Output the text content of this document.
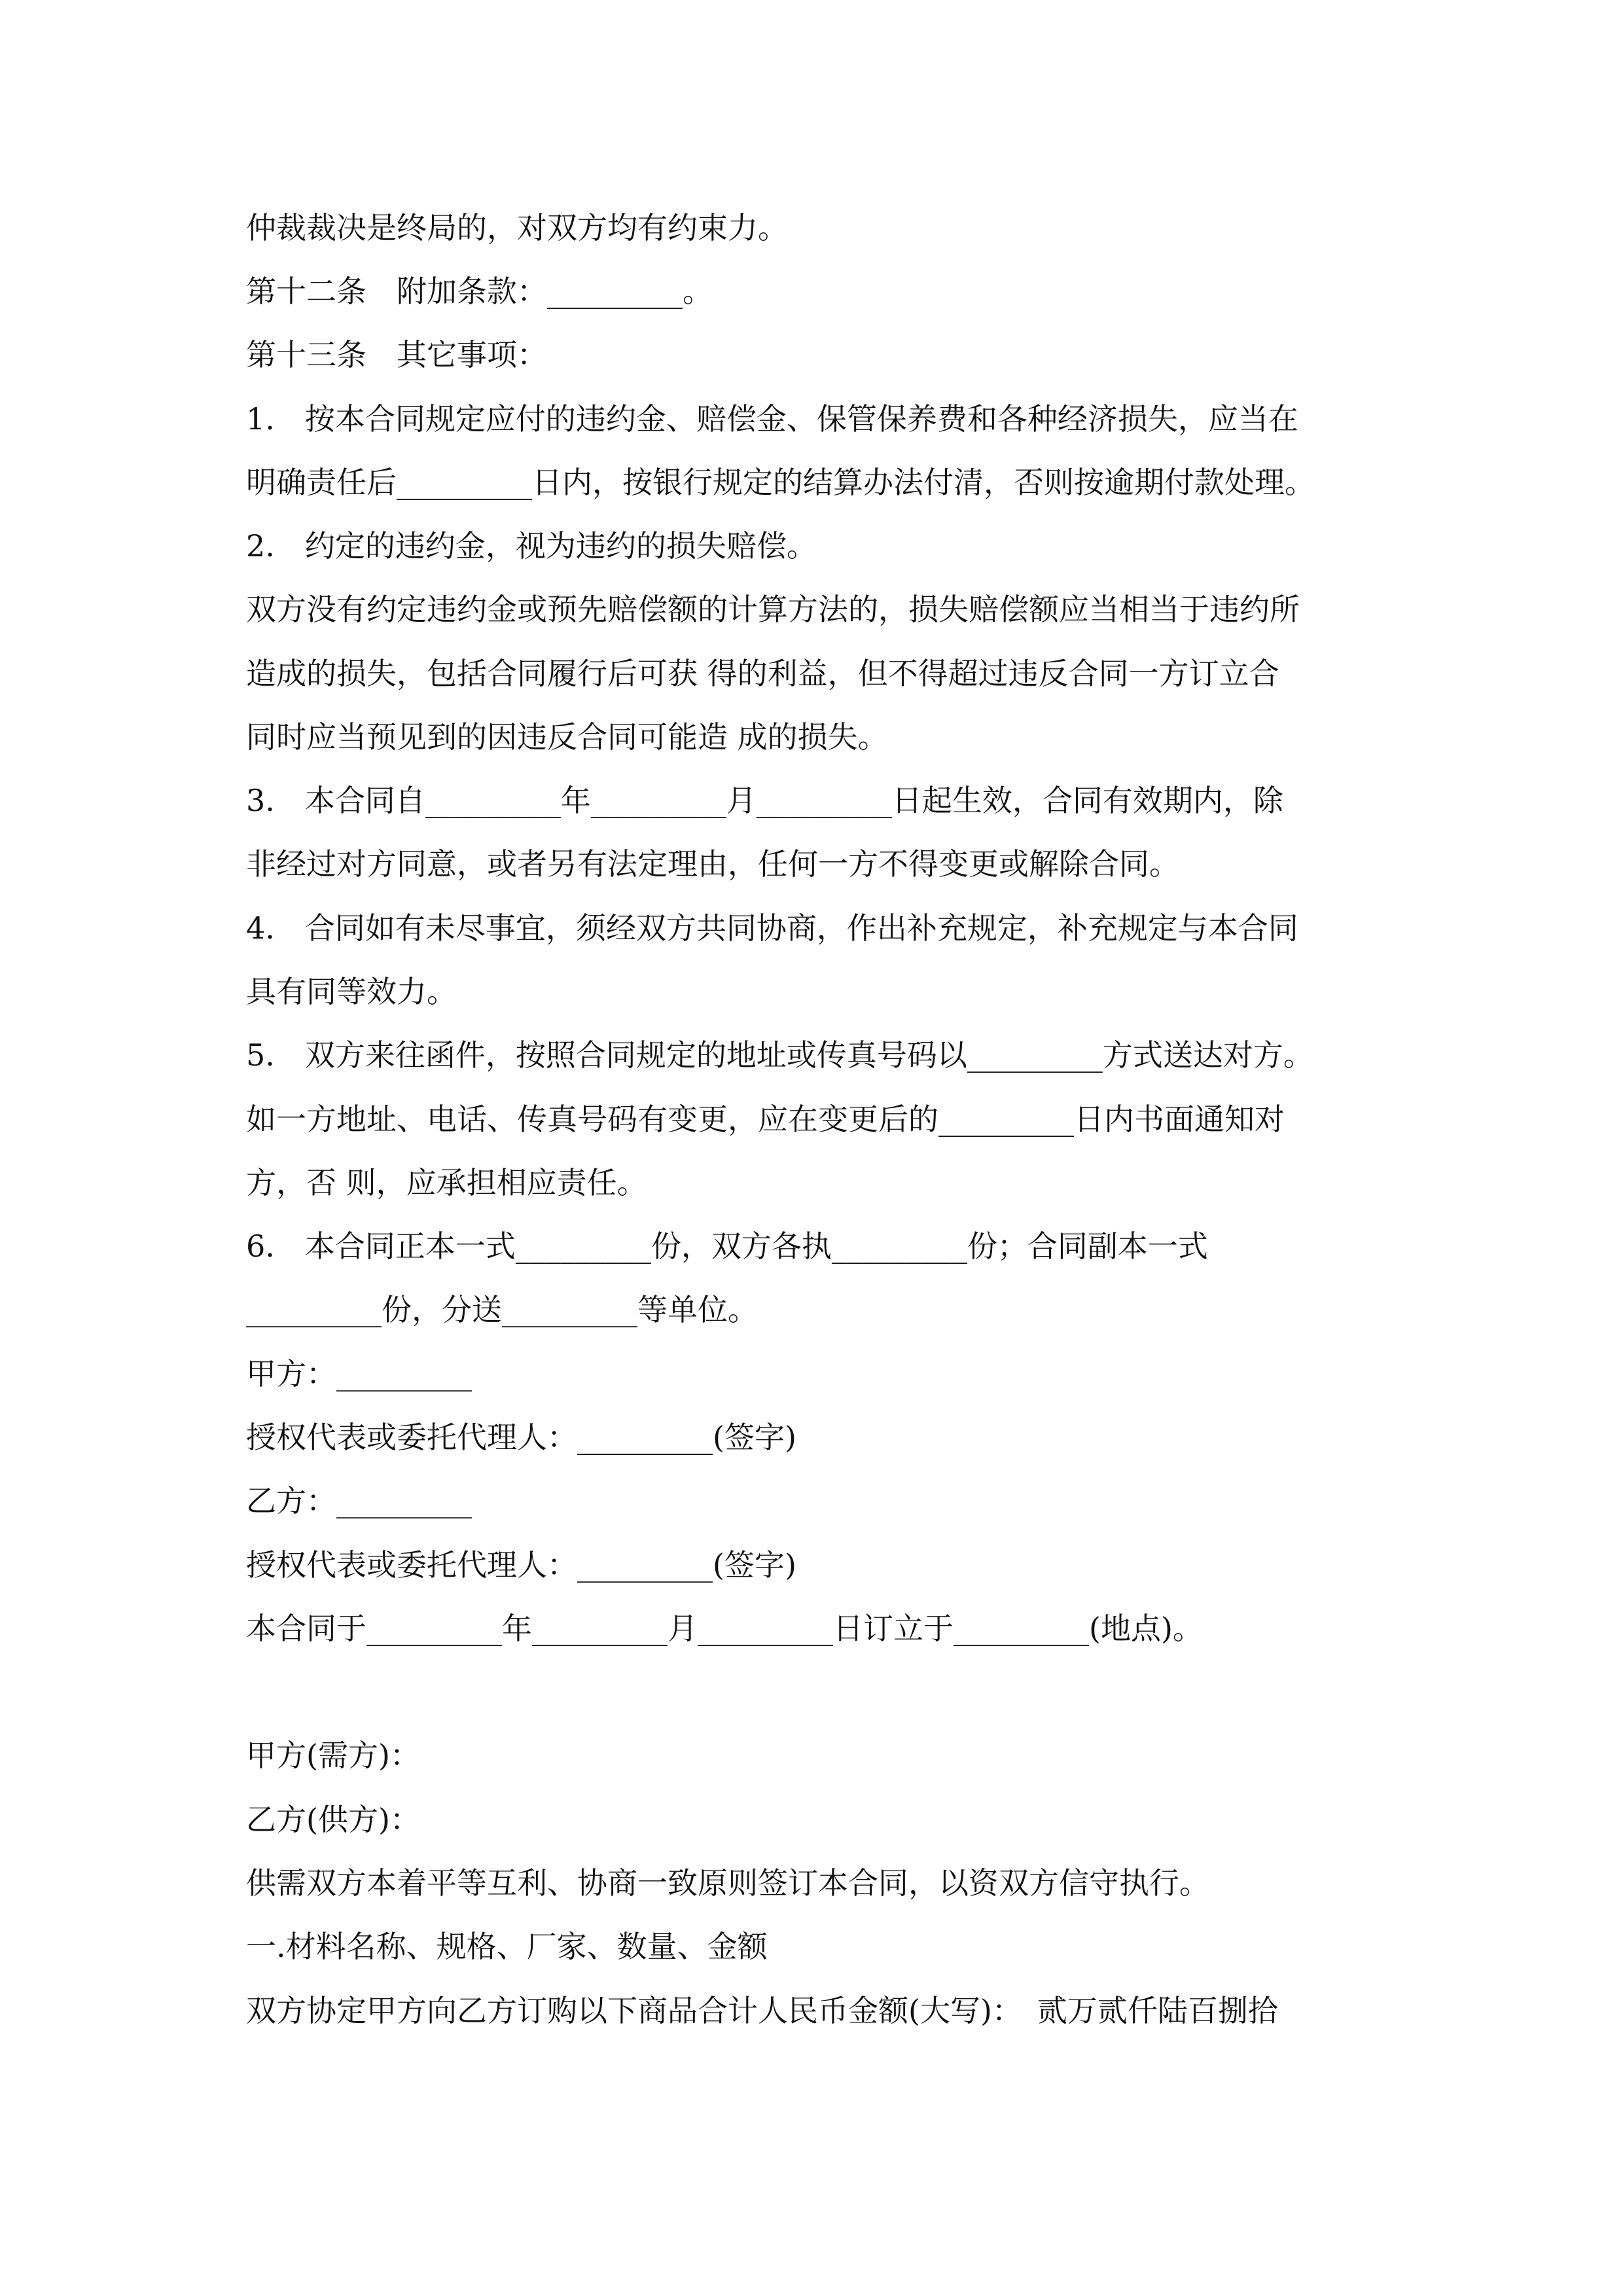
仲裁裁决是终局的，对双方均有约束力。

第十二条　附加条款：_________。

第十三条　其它事项：

1.　按本合同规定应付的违约金、赔偿金、保管保养费和各种经济损失，应当在

明确责任后_________日内，按银行规定的结算办法付清，否则按逾期付款处理。

2.　约定的违约金，视为违约的损失赔偿。

双方没有约定违约金或预先赔偿额的计算方法的，损失赔偿额应当相当于违约所

造成的损失，包括合同履行后可获 得的利益，但不得超过违反合同一方订立合

同时应当预见到的因违反合同可能造 成的损失。

3.　本合同自_________年_________月_________日起生效，合同有效期内，除

非经过对方同意，或者另有法定理由，任何一方不得变更或解除合同。

4.　合同如有未尽事宜，须经双方共同协商，作出补充规定，补充规定与本合同

具有同等效力。

5.　双方来往函件，按照合同规定的地址或传真号码以_________方式送达对方。

如一方地址、电话、传真号码有变更，应在变更后的_________日内书面通知对

方，否 则，应承担相应责任。

6.　本合同正本一式_________份，双方各执_________份；合同副本一式

_________份，分送_________等单位。

甲方：_________

授权代表或委托代理人：_________(签字)

乙方：_________

授权代表或委托代理人：_________(签字)

本合同于_________年_________月_________日订立于_________(地点)。

甲方(需方)：

乙方(供方)：

供需双方本着平等互利、协商一致原则签订本合同，以资双方信守执行。

一.材料名称、规格、厂家、数量、金额

双方协定甲方向乙方订购以下商品合计人民币金额(大写)：　贰万贰仟陆百捌拾
